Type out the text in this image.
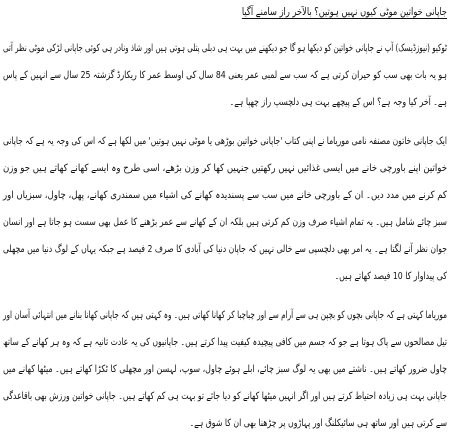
جاپانی خواتین موٹی کیوں نہیں ہوتیں؟ بالآخر راز سامنے آگیا
ٹوکیو (نیوزڈیسک) آپ نے جاپانی خواتین کو دیکھا ہو گا جو دیکھنے میں بہت ہی دبلی پتلی ہوتی ہیں اور شاذ ونادر ہی کوئی جاپانی لڑکی موٹی نظر آتی
ہو یہ بات بھی سب کو حیران کرتی ہے کہ سب سے لمبی عمر یعنی 84 سال کی اوسط عمر کا ریکارڈ گزشتہ 25 سال سے انہیں کے پاس
ہے۔ آخر کیا وجہ ہے؟ اس کے پیچھے بہت ہی دلچسپ راز چھپا ہے۔
ایک جاپانی خاتون مصنفہ نامی موریاما نے اپنی کتاب 'جاپانی خواتین بوڑھی یا موٹی نہیں ہوتیں' میں لکھا ہے کہ اس کی وجہ یہ ہے کہ جاپانی
خواتین اپنے باورچی خانے میں ایسی غذائیں نہیں رکھتیں جنہیں کھا کر وزن بڑھے، اسی طرح وہ ایسے کھانے کھاتے ہیں جو وزن
کم کرنے میں مدد دیں۔ ان کے باورچی خانے میں سب سے پسندیدہ کھانے کی اشیاء میں سمندری کھانے، پھل، چاول، سبزیاں اور
سبز چائے شامل ہیں۔ یہ تمام اشیاء صرف وزن کم کرتی ہیں بلکہ ان کے کھانے سے عمر بڑھنے کا عمل بھی سست ہو جاتا ہے اور انسان
جوان نظر آنے لگتا ہے۔ یہ امر بھی دلچسپی سے خالی نہیں کہ جاپان دنیا کی آبادی کا صرف 2 فیصد ہے جبکہ یہاں کے لوگ دنیا میں مچھلی
کی پیداوار کا 10 فیصد کھاتے ہیں۔
موریاما کہتی ہے کہ جاپانی بچوں کو بچپن ہی سے آرام سے اور چباچبا کر کھانا کھاتی ہیں۔ وہ کہتی ہیں کہ جاپانی کھانا بنانے میں انتہائی آسان اور
تیل مصالحوں سے پاک ہوتا ہے جو کہ جسم میں کافی پیچیدہ کیفیت پیدا کرتے ہیں۔ جاپانیوں کی یہ عادت ثانیہ ہے کہ وہ ہر کھانے کے ساتھ
چاول ضرور کھاتے ہیں۔ ناشتے میں بھی یہ لوگ سبز چائے، ابلے ہوئے چاول، سوپ، لہسن اور مچھلی کا ٹکڑا کھاتے ہیں۔ میٹھا کھانے میں
جاپانی بہت ہی زیادہ احتیاط کرتے ہیں اور اگر انہیں میٹھا کھانے کو دیا جائے تو بہت ہی کم کھاتے ہیں۔ جاپانی خواتین ورزش بھی باقاعدگی
سے کرتی ہیں اور ساتھ ہی سائیکلنگ اور پہاڑوں پر چڑھنا بھی ان کا شوق ہے۔
